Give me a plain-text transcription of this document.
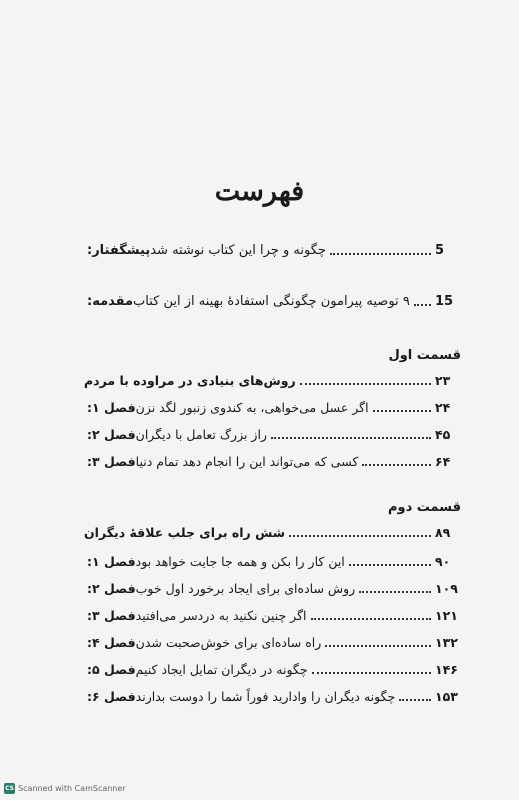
فهرست
پیشگفتار: چگونه و چرا این کتاب نوشته شد	5
مقدمه: ۹ توصیه پیرامون چگونگی استفادهٔ بهینه از این کتاب 15
قسمت اول
روش‌های بنیادی در مراوده با مردم	۲۳
فصل ۱: اگر عسل می‌خواهی، به کندوی زنبور لگد نزن	۲۴
فصل ۲: راز بزرگ تعامل با دیگران	۴۵
فصل ۳: کسی که می‌تواند این را انجام دهد تمام دنیا	۶۴
قسمت دوم
شش راه برای جلب علاقهٔ دیگران	۸۹
فصل ۱: این کار را بکن و همه جا جایت خواهد بود	۹۰
فصل ۲: روش ساده‌ای برای ایجاد برخورد اول خوب	۱۰۹
فصل ۳: اگر چنین نکنید به دردسر می‌افتید	۱۲۱
فصل ۴: راه ساده‌ای برای خوش‌صحبت شدن	۱۳۲
فصل ۵: چگونه در دیگران تمایل ایجاد کنیم	۱۴۶
فصل ۶: چگونه دیگران را وادارید فوراً شما را دوست بدارند	۱۵۳
CS Scanned with CamScanner
